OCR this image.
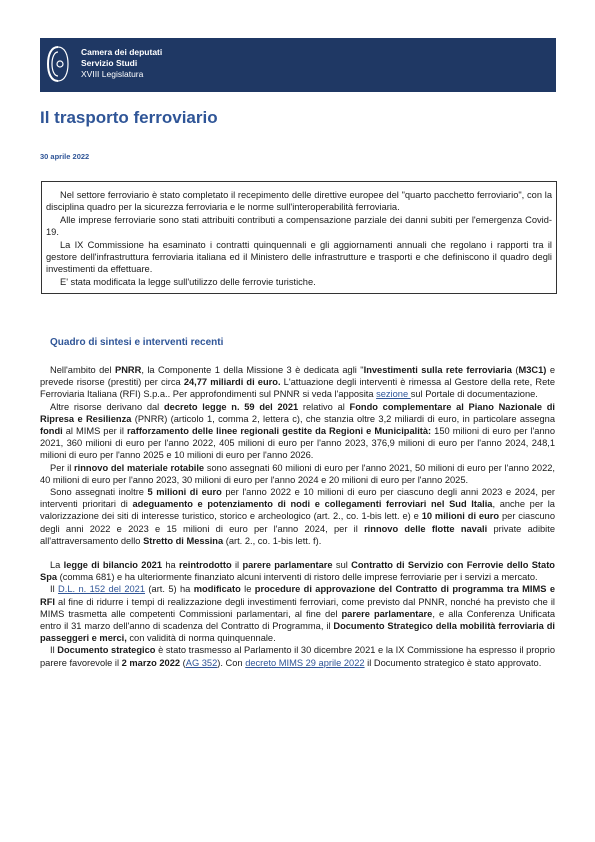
Camera dei deputati
Servizio Studi
XVIII Legislatura
Il trasporto ferroviario
30 aprile 2022

Nel settore ferroviario è stato completato il recepimento delle direttive europee del "quarto pacchetto ferroviario", con la disciplina quadro per la sicurezza ferroviaria e le norme sull'interoperabilità ferroviaria.

Alle imprese ferroviarie sono stati attribuiti contributi a compensazione parziale dei danni subiti per l'emergenza Covid-19.

La IX Commissione ha esaminato i contratti quinquennali e gli aggiornamenti annuali che regolano i rapporti tra il gestore dell'infrastruttura ferroviaria italiana ed il Ministero delle infrastrutture e trasporti e che definiscono il quadro degli investimenti da effettuare.

E' stata modificata la legge sull'utilizzo delle ferrovie turistiche.

Quadro di sintesi e interventi recenti

Nell'ambito del PNRR, la Componente 1 della Missione 3 è dedicata agli "Investimenti sulla rete ferroviaria (M3C1) e prevede risorse (prestiti) per circa 24,77 miliardi di euro. L'attuazione degli interventi è rimessa al Gestore della rete, Rete Ferroviaria Italiana (RFI) S.p.a.. Per approfondimenti sul PNNR si veda l'apposita sezione sul Portale di documentazione.

Altre risorse derivano dal decreto legge n. 59 del 2021 relativo al Fondo complementare al Piano Nazionale di Ripresa e Resilienza (PNRR) (articolo 1, comma 2, lettera c), che stanzia oltre 3,2 miliardi di euro, in particolare assegna fondi al MIMS per il rafforzamento delle linee regionali gestite da Regioni e Municipalità: 150 milioni di euro per l'anno 2021, 360 milioni di euro per l'anno 2022, 405 milioni di euro per l'anno 2023, 376,9 milioni di euro per l'anno 2024, 248,1 milioni di euro per l'anno 2025 e 10 milioni di euro per l'anno 2026.

Per il rinnovo del materiale rotabile sono assegnati 60 milioni di euro per l'anno 2021, 50 milioni di euro per l'anno 2022, 40 milioni di euro per l'anno 2023, 30 milioni di euro per l'anno 2024 e 20 milioni di euro per l'anno 2025.

Sono assegnati inoltre 5 milioni di euro per l'anno 2022 e 10 milioni di euro per ciascuno degli anni 2023 e 2024, per interventi prioritari di adeguamento e potenziamento di nodi e collegamenti ferroviari nel Sud Italia, anche per la valorizzazione dei siti di interesse turistico, storico e archeologico (art. 2., co. 1-bis lett. e) e 10 milioni di euro per ciascuno degli anni 2022 e 2023 e 15 milioni di euro per l'anno 2024, per il rinnovo delle flotte navali private adibite all'attraversamento dello Stretto di Messina (art. 2., co. 1-bis lett. f).

La legge di bilancio 2021 ha reintrodotto il parere parlamentare sul Contratto di Servizio con Ferrovie dello Stato Spa (comma 681) e ha ulteriormente finanziato alcuni interventi di ristoro delle imprese ferroviarie per i servizi a mercato.

Il D.L. n. 152 del 2021 (art. 5) ha modificato le procedure di approvazione del Contratto di programma tra MIMS e RFI al fine di ridurre i tempi di realizzazione degli investimenti ferroviari, come previsto dal PNNR, nonché ha previsto che il MIMS trasmetta alle competenti Commissioni parlamentari, al fine del parere parlamentare, e alla Conferenza Unificata entro il 31 marzo dell'anno di scadenza del Contratto di Programma, il Documento Strategico della mobilità ferroviaria di passeggeri e merci, con validità di norma quinquennale.

Il Documento strategico è stato trasmesso al Parlamento il 30 dicembre 2021 e la IX Commissione ha espresso il proprio parere favorevole il 2 marzo 2022 (AG 352). Con decreto MIMS 29 aprile 2022 il Documento strategico è stato approvato.
